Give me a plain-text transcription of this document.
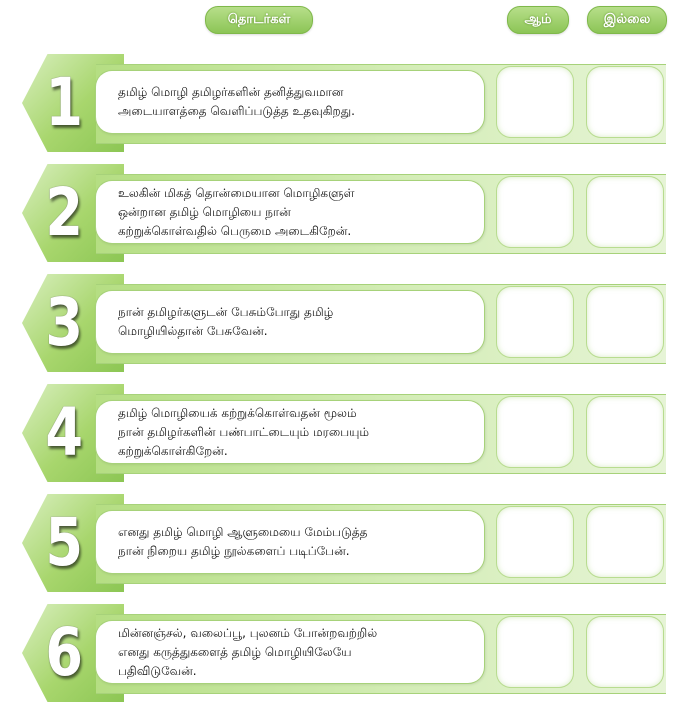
தொடர்கள்	ஆம்	இல்லை
1	தமிழ் மொழி தமிழர்களின் தனித்துவமான
அடையாளத்தை வெளிப்படுத்த உதவுகிறது.
2	உலகின் மிகத் தொன்மையான மொழிகளுள்
ஒன்றான தமிழ் மொழியை நான்
கற்றுக்கொள்வதில் பெருமை அடைகிறேன்.
3	நான் தமிழர்களுடன் பேசும்போது தமிழ்
மொழியில்தான் பேசுவேன்.
4	தமிழ் மொழியைக் கற்றுக்கொள்வதன் மூலம்
நான் தமிழர்களின் பண்பாட்டையும் மரபையும்
கற்றுக்கொள்கிறேன்.
5	எனது தமிழ் மொழி ஆளுமையை மேம்படுத்த
நான் நிறைய தமிழ் நூல்களைப் படிப்பேன்.
6	மின்னஞ்சல், வலைப்பூ, புலனம் போன்றவற்றில்
எனது கருத்துகளைத் தமிழ் மொழியிலேயே
பதிவிடுவேன்.
